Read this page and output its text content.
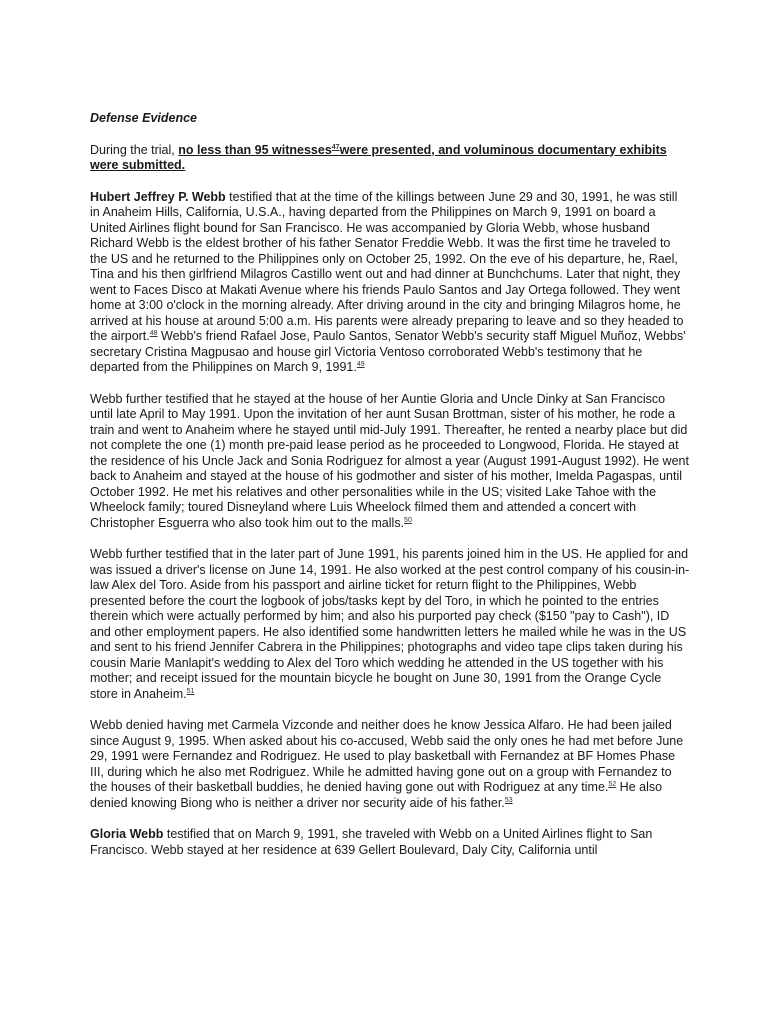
Defense Evidence

During the trial, no less than 95 witnesses$^{47}$were presented, and voluminous documentary exhibits were submitted.

Hubert Jeffrey P. Webb testified that at the time of the killings between June 29 and 30, 1991, he was still in Anaheim Hills, California, U.S.A., having departed from the Philippines on March 9, 1991 on board a United Airlines flight bound for San Francisco. He was accompanied by Gloria Webb, whose husband Richard Webb is the eldest brother of his father Senator Freddie Webb. It was the first time he traveled to the US and he returned to the Philippines only on October 25, 1992. On the eve of his departure, he, Rael, Tina and his then girlfriend Milagros Castillo went out and had dinner at Bunchchums. Later that night, they went to Faces Disco at Makati Avenue where his friends Paulo Santos and Jay Ortega followed. They went home at 3:00 o'clock in the morning already. After driving around in the city and bringing Milagros home, he arrived at his house at around 5:00 a.m. His parents were already preparing to leave and so they headed to the airport.$^{48}$ Webb's friend Rafael Jose, Paulo Santos, Senator Webb's security staff Miguel Muñoz, Webbs' secretary Cristina Magpusao and house girl Victoria Ventoso corroborated Webb's testimony that he departed from the Philippines on March 9, 1991.49

Webb further testified that he stayed at the house of her Auntie Gloria and Uncle Dinky at San Francisco until late April to May 1991. Upon the invitation of her aunt Susan Brottman, sister of his mother, he rode a train and went to Anaheim where he stayed until mid-July 1991. Thereafter, he rented a nearby place but did not complete the one (1) month pre-paid lease period as he proceeded to Longwood, Florida. He stayed at the residence of his Uncle Jack and Sonia Rodriguez for almost a year (August 1991-August 1992). He went back to Anaheim and stayed at the house of his godmother and sister of his mother, Imelda Pagaspas, until October 1992. He met his relatives and other personalities while in the US; visited Lake Tahoe with the Wheelock family; toured Disneyland where Luis Wheelock filmed them and attended a concert with Christopher Esguerra who also took him out to the malls.$^{50}$

Webb further testified that in the later part of June 1991, his parents joined him in the US. He applied for and was issued a driver's license on June 14, 1991. He also worked at the pest control company of his cousin-in-law Alex del Toro. Aside from his passport and airline ticket for return flight to the Philippines, Webb presented before the court the logbook of jobs/tasks kept by del Toro, in which he pointed to the entries therein which were actually performed by him; and also his purported pay check ($150 "pay to Cash"), ID and other employment papers. He also identified some handwritten letters he mailed while he was in the US and sent to his friend Jennifer Cabrera in the Philippines; photographs and video tape clips taken during his cousin Marie Manlapit's wedding to Alex del Toro which wedding he attended in the US together with his mother; and receipt issued for the mountain bicycle he bought on June 30, 1991 from the Orange Cycle store in Anaheim.$^{51}$

Webb denied having met Carmela Vizconde and neither does he know Jessica Alfaro. He had been jailed since August 9, 1995. When asked about his co-accused, Webb said the only ones he had met before June 29, 1991 were Fernandez and Rodriguez. He used to play basketball with Fernandez at BF Homes Phase III, during which he also met Rodriguez. While he admitted having gone out on a group with Fernandez to the houses of their basketball buddies, he denied having gone out with Rodriguez at any time.$^{52}$ He also denied knowing Biong who is neither a driver nor security aide of his father.$^{53}$

Gloria Webb testified that on March 9, 1991, she traveled with Webb on a United Airlines flight to San Francisco. Webb stayed at her residence at 639 Gellert Boulevard, Daly City, California until
